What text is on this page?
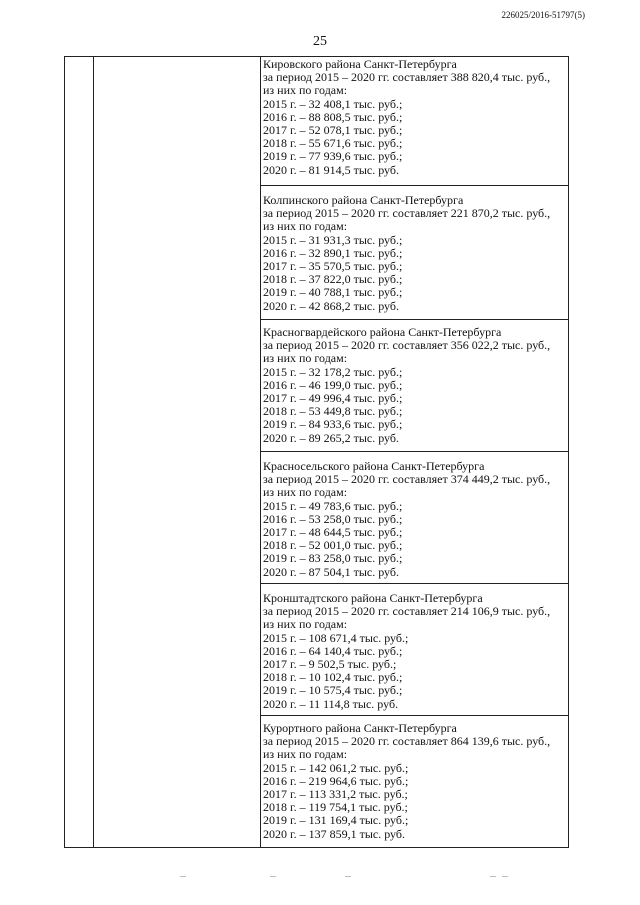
226025/2016-51797(5)
25
Кировского района Санкт-Петербурга
за период 2015 – 2020 гг. составляет 388 820,4 тыс. руб.,
из них по годам:
2015 г. – 32 408,1 тыс. руб.;
2016 г. – 88 808,5 тыс. руб.;
2017 г. – 52 078,1 тыс. руб.;
2018 г. – 55 671,6 тыс. руб.;
2019 г. – 77 939,6 тыс. руб.;
2020 г. – 81 914,5 тыс. руб.
Колпинского района Санкт-Петербурга
за период 2015 – 2020 гг. составляет 221 870,2 тыс. руб.,
из них по годам:
2015 г. – 31 931,3 тыс. руб.;
2016 г. – 32 890,1 тыс. руб.;
2017 г. – 35 570,5 тыс. руб.;
2018 г. – 37 822,0 тыс. руб.;
2019 г. – 40 788,1 тыс. руб.;
2020 г. – 42 868,2 тыс. руб.
Красногвардейского района Санкт-Петербурга
за период 2015 – 2020 гг. составляет 356 022,2 тыс. руб.,
из них по годам:
2015 г. – 32 178,2 тыс. руб.;
2016 г. – 46 199,0 тыс. руб.;
2017 г. – 49 996,4 тыс. руб.;
2018 г. – 53 449,8 тыс. руб.;
2019 г. – 84 933,6 тыс. руб.;
2020 г. – 89 265,2 тыс. руб.
Красносельского района Санкт-Петербурга
за период 2015 – 2020 гг. составляет 374 449,2 тыс. руб.,
из них по годам:
2015 г. – 49 783,6 тыс. руб.;
2016 г. – 53 258,0 тыс. руб.;
2017 г. – 48 644,5 тыс. руб.;
2018 г. – 52 001,0 тыс. руб.;
2019 г. – 83 258,0 тыс. руб.;
2020 г. – 87 504,1 тыс. руб.
Кронштадтского района Санкт-Петербурга
за период 2015 – 2020 гг. составляет 214 106,9 тыс. руб.,
из них по годам:
2015 г. – 108 671,4 тыс. руб.;
2016 г. – 64 140,4 тыс. руб.;
2017 г. – 9 502,5 тыс. руб.;
2018 г. – 10 102,4 тыс. руб.;
2019 г. – 10 575,4 тыс. руб.;
2020 г. – 11 114,8 тыс. руб.
Курортного района Санкт-Петербурга
за период 2015 – 2020 гг. составляет 864 139,6 тыс. руб.,
из них по годам:
2015 г. – 142 061,2 тыс. руб.;
2016 г. – 219 964,6 тыс. руб.;
2017 г. – 113 331,2 тыс. руб.;
2018 г. – 119 754,1 тыс. руб.;
2019 г. – 131 169,4 тыс. руб.;
2020 г. – 137 859,1 тыс. руб.
